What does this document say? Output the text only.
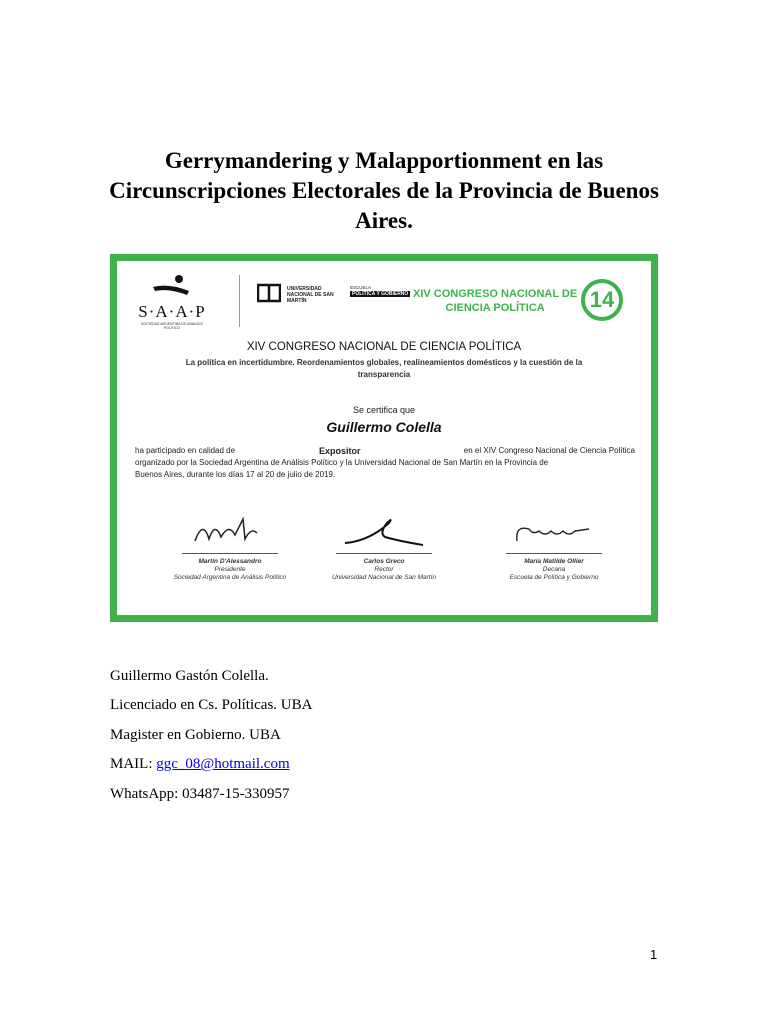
Gerrymandering y Malapportionment en las Circunscripciones Electorales de la Provincia de Buenos Aires.
S·A·A·P
SOCIEDAD ARGENTINA DE ANÁLISIS POLÍTICO
UNIVERSIDAD NACIONAL DE SAN MARTÍN
ESCUELA
POLÍTICA Y GOBIERNO XIV CONGRESO NACIONAL DE
CIENCIA POLÍTICA	14
XIV CONGRESO NACIONAL DE CIENCIA POLÍTICA
La política en incertidumbre. Reordenamientos globales, realineamientos domésticos y la cuestión de la transparencia
Se certifica que
Guillermo Colella
ha participado en calidad de	Expositor	en el XIV Congreso Nacional de Ciencia Política
organizado por la Sociedad Argentina de Análisis Político y la Universidad Nacional de San Martín en la Provincia de
Buenos Aires, durante los días 17 al 20 de julio de 2019.
Martín D'Alessandro
Presidente
Sociedad Argentina de Análisis Político
Carlos Greco
Rector
Universidad Nacional de San Martín
María Matilde Ollier
Decana
Escuela de Política y Gobierno
Guillermo Gastón Colella.
Licenciado en Cs. Políticas. UBA
Magister en Gobierno. UBA
MAIL: ggc_08@hotmail.com
WhatsApp: 03487-15-330957
1
